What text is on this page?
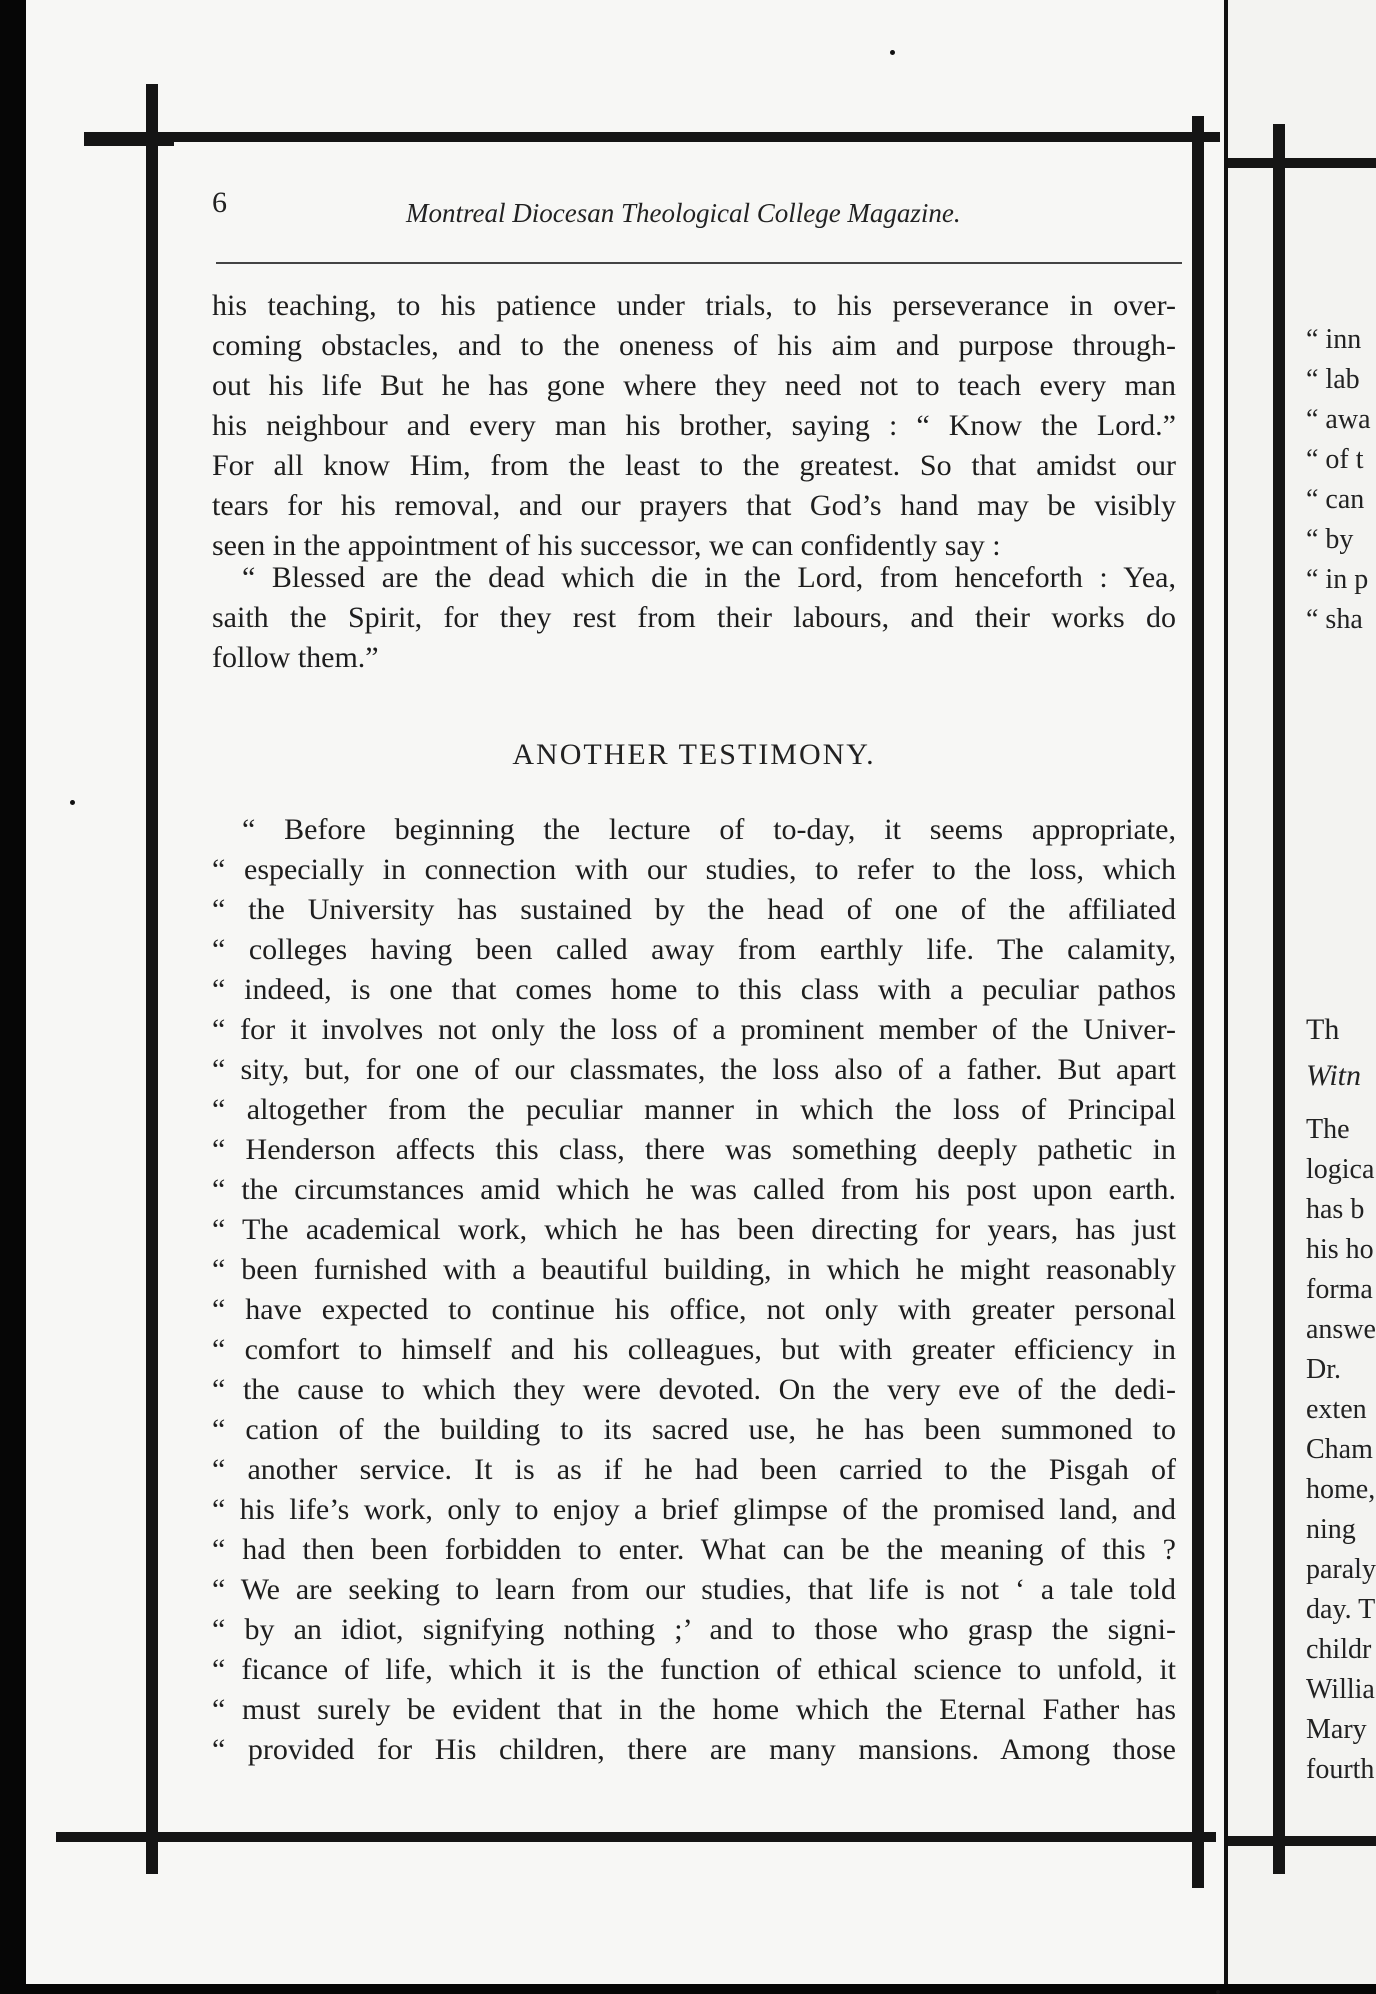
6	Montreal Diocesan Theological College Magazine.

his teaching, to his patience under trials, to his perseverance in over-
coming obstacles, and to the oneness of his aim and purpose through-
out his life But he has gone where they need not to teach every man
his neighbour and every man his brother, saying : “ Know the Lord.”
For all know Him, from the least to the greatest. So that amidst our
tears for his removal, and our prayers that God’s hand may be visibly
seen in the appointment of his successor, we can confidently say :

“ Blessed are the dead which die in the Lord, from henceforth : Yea,
saith the Spirit, for they rest from their labours, and their works do
follow them.”

ANOTHER TESTIMONY.

“ Before beginning the lecture of to-day, it seems appropriate,
“ especially in connection with our studies, to refer to the loss, which
“ the University has sustained by the head of one of the affiliated
“ colleges having been called away from earthly life. The calamity,
“ indeed, is one that comes home to this class with a peculiar pathos
“ for it involves not only the loss of a prominent member of the Univer-
“ sity, but, for one of our classmates, the loss also of a father. But apart
“ altogether from the peculiar manner in which the loss of Principal
“ Henderson affects this class, there was something deeply pathetic in
“ the circumstances amid which he was called from his post upon earth.
“ The academical work, which he has been directing for years, has just
“ been furnished with a beautiful building, in which he might reasonably
“ have expected to continue his office, not only with greater personal
“ comfort to himself and his colleagues, but with greater efficiency in
“ the cause to which they were devoted. On the very eve of the dedi-
“ cation of the building to its sacred use, he has been summoned to
“ another service. It is as if he had been carried to the Pisgah of
“ his life’s work, only to enjoy a brief glimpse of the promised land, and
“ had then been forbidden to enter. What can be the meaning of this ?
“ We are seeking to learn from our studies, that life is not ‘ a tale told
“ by an idiot, signifying nothing ;’ and to those who grasp the signi-
“ ficance of life, which it is the function of ethical science to unfold, it
“ must surely be evident that in the home which the Eternal Father has
“ provided for His children, there are many mansions. Among those

“ inn
“ lab
“ awa
“ of t
“ can
“ by
“ in p
“ sha
Th
Witn
The
logica
has b
his ho
forma
answe
Dr.
exten
Cham
home,
ning
paraly
day. T
childr
Willia
Mary
fourth
